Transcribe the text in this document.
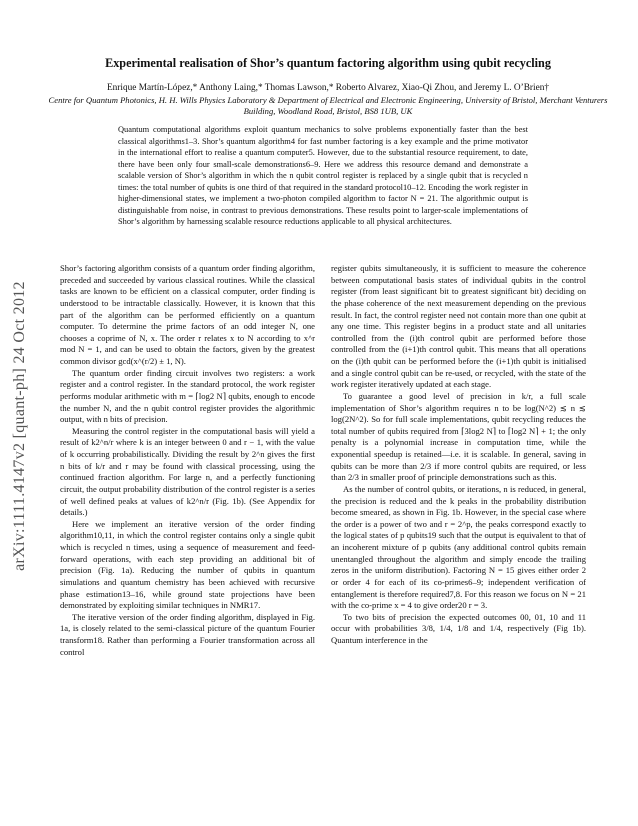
arXiv:1111.4147v2 [quant-ph] 24 Oct 2012
Experimental realisation of Shor’s quantum factoring algorithm using qubit recycling
Enrique Martín-López,* Anthony Laing,* Thomas Lawson,* Roberto Alvarez, Xiao-Qi Zhou, and Jeremy L. O’Brien†
Centre for Quantum Photonics, H. H. Wills Physics Laboratory & Department of Electrical and Electronic Engineering, University of Bristol, Merchant Venturers Building, Woodland Road, Bristol, BS8 1UB, UK
Quantum computational algorithms exploit quantum mechanics to solve problems exponentially faster than the best classical algorithms1–3. Shor’s quantum algorithm4 for fast number factoring is a key example and the prime motivator in the international effort to realise a quantum computer5. However, due to the substantial resource requirement, to date, there have been only four small-scale demonstrations6–9. Here we address this resource demand and demonstrate a scalable version of Shor’s algorithm in which the n qubit control register is replaced by a single qubit that is recycled n times: the total number of qubits is one third of that required in the standard protocol10–12. Encoding the work register in higher-dimensional states, we implement a two-photon compiled algorithm to factor N = 21. The algorithmic output is distinguishable from noise, in contrast to previous demonstrations. These results point to larger-scale implementations of Shor’s algorithm by harnessing scalable resource reductions applicable to all physical architectures.

Shor’s factoring algorithm consists of a quantum order finding algorithm, preceded and succeeded by various classical routines. While the classical tasks are known to be efficient on a classical computer, order finding is understood to be intractable classically. However, it is known that this part of the algorithm can be performed efficiently on a quantum computer. To determine the prime factors of an odd integer N, one chooses a coprime of N, x. The order r relates x to N according to x^r mod N = 1, and can be used to obtain the factors, given by the greatest common divisor gcd(x^(r/2) ± 1, N).

The quantum order finding circuit involves two registers: a work register and a control register. In the standard protocol, the work register performs modular arithmetic with m = ⌈log2 N⌉ qubits, enough to encode the number N, and the n qubit control register provides the algorithmic output, with n bits of precision.

Measuring the control register in the computational basis will yield a result of k2^n/r where k is an integer between 0 and r − 1, with the value of k occurring probabilistically. Dividing the result by 2^n gives the first n bits of k/r and r may be found with classical processing, using the continued fraction algorithm. For large n, and a perfectly functioning circuit, the output probability distribution of the control register is a series of well defined peaks at values of k2^n/r (Fig. 1b). (See Appendix for details.)

Here we implement an iterative version of the order finding algorithm10,11, in which the control register contains only a single qubit which is recycled n times, using a sequence of measurement and feed-forward operations, with each step providing an additional bit of precision (Fig. 1a). Reducing the number of qubits in quantum simulations and quantum chemistry has been achieved with recursive phase estimation13–16, while ground state projections have been demonstrated by exploiting similar techniques in NMR17.

The iterative version of the order finding algorithm, displayed in Fig. 1a, is closely related to the semi-classical picture of the quantum Fourier transform18. Rather than performing a Fourier transformation across all control

register qubits simultaneously, it is sufficient to measure the coherence between computational basis states of individual qubits in the control register (from least significant bit to greatest significant bit) deciding on the phase coherence of the next measurement depending on the previous result. In fact, the control register need not contain more than one qubit at any one time. This register begins in a product state and all unitaries controlled from the (i)th control qubit are performed before those controlled from the (i+1)th control qubit. This means that all operations on the (i)th qubit can be performed before the (i+1)th qubit is initialised and a single control qubit can be re-used, or recycled, with the state of the work register iteratively updated at each stage.

To guarantee a good level of precision in k/r, a full scale implementation of Shor’s algorithm requires n to be log(N^2) ≲ n ≲ log(2N^2). So for full scale implementations, qubit recycling reduces the total number of qubits required from ⌈3log2 N⌉ to ⌈log2 N⌉ + 1; the only penalty is a polynomial increase in computation time, while the exponential speedup is retained—i.e. it is scalable. In general, saving in qubits can be more than 2/3 if more control qubits are required, or less than 2/3 in smaller proof of principle demonstrations such as this.

As the number of control qubits, or iterations, n is reduced, in general, the precision is reduced and the k peaks in the probability distribution become smeared, as shown in Fig. 1b. However, in the special case where the order is a power of two and r = 2^p, the peaks correspond exactly to the logical states of p qubits19 such that the output is equivalent to that of an incoherent mixture of p qubits (any additional control qubits remain unentangled throughout the algorithm and simply encode the trailing zeros in the uniform distribution). Factoring N = 15 gives either order 2 or order 4 for each of its co-primes6–9; independent verification of entanglement is therefore required7,8. For this reason we focus on N = 21 with the co-prime x = 4 to give order20 r = 3.

To two bits of precision the expected outcomes 00, 01, 10 and 11 occur with probabilities 3/8, 1/4, 1/8 and 1/4, respectively (Fig 1b). Quantum interference in the
